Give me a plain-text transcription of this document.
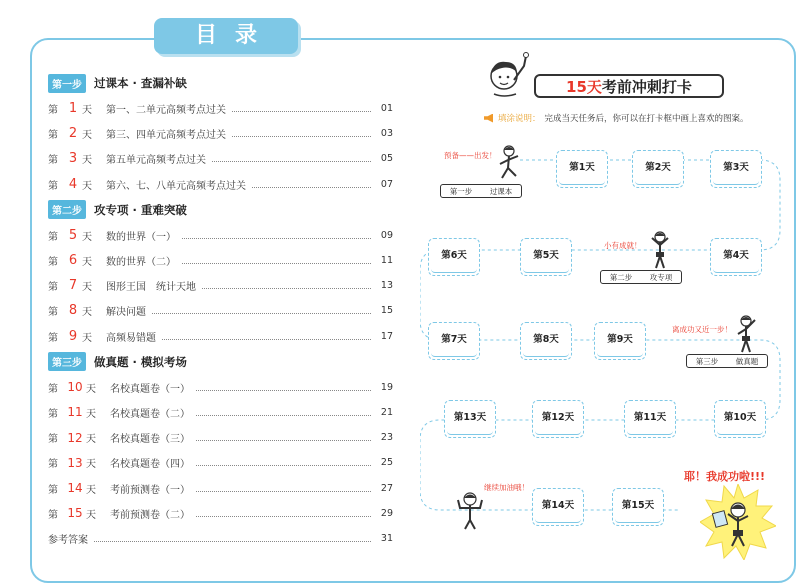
目录
第一步	过课本 · 查漏补缺
第 1 天	第一、二单元高频考点过关	01
第 2 天	第三、四单元高频考点过关	03
第 3 天	第五单元高频考点过关	05
第 4 天	第六、七、八单元高频考点过关	07
第二步	攻专项 · 重难突破
第 5 天	数的世界（一）	09
第 6 天	数的世界（二）	11
第 7 天	图形王国　统计天地	13
第 8 天	解决问题	15
第 9 天	高频易错题	17
第三步	做真题 · 模拟考场
第 10 天	名校真题卷（一）	19
第 11 天	名校真题卷（二）	21
第 12 天	名校真题卷（三）	23
第 13 天	名校真题卷（四）	25
第 14 天	考前预测卷（一）	27
第 15 天	考前预测卷（二）	29
参考答案	31
15天 考前冲刺打卡
填涂说明： 完成当天任务后，你可以在打卡框中画上喜欢的图案。
第1天	第2天	第3天
第6天	第5天	第4天
第7天	第8天	第9天
第13天	第12天	第11天	第10天
第14天	第15天
第一步 过课本
第二步 攻专项
第三步 做真题
预备——出发！
小有成就！
离成功又近一步！
继续加油哦！
耶！我成功啦!!!
